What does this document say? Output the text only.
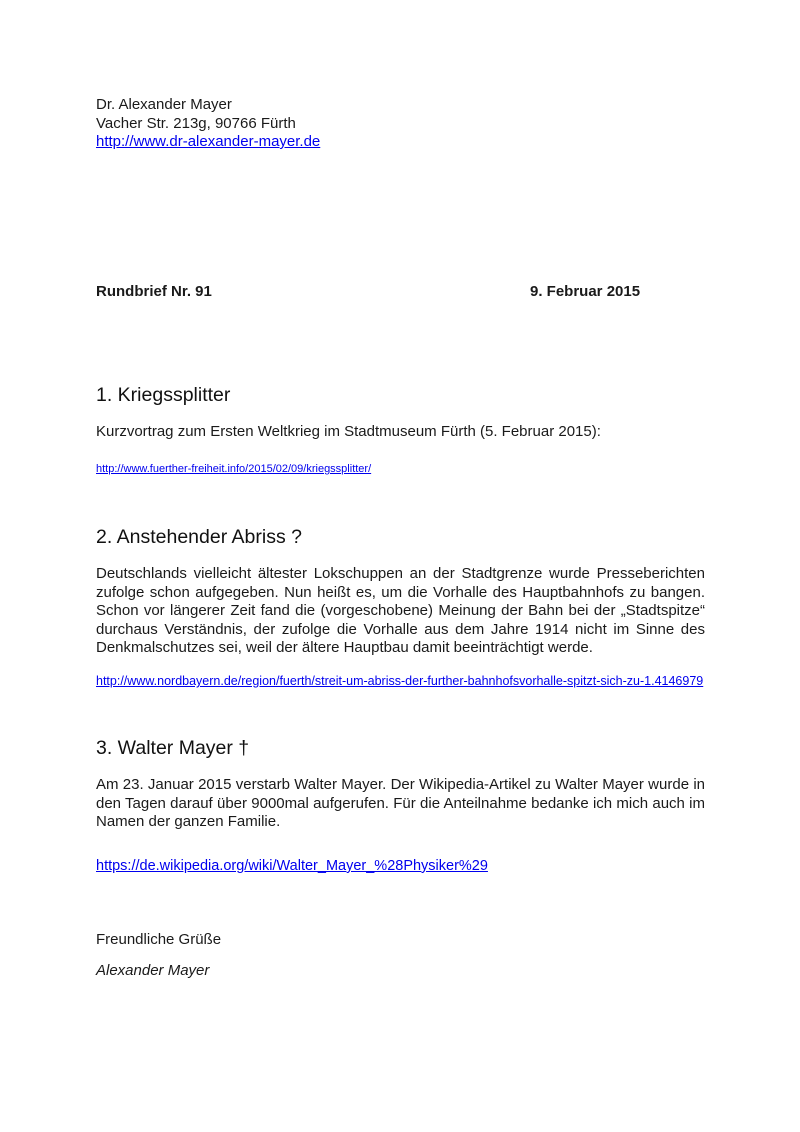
Dr. Alexander Mayer
Vacher Str. 213g, 90766 Fürth
http://www.dr-alexander-mayer.de
Rundbrief Nr. 91	9. Februar 2015
1. Kriegssplitter

Kurzvortrag zum Ersten Weltkrieg im Stadtmuseum Fürth (5. Februar 2015):

http://www.fuerther-freiheit.info/2015/02/09/kriegssplitter/
2. Anstehender Abriss ?

Deutschlands vielleicht ältester Lokschuppen an der Stadtgrenze wurde Presseberichten zufolge schon aufgegeben. Nun heißt es, um die Vorhalle des Hauptbahnhofs zu bangen. Schon vor längerer Zeit fand die (vorgeschobene) Meinung der Bahn bei der „Stadtspitze“ durchaus Verständnis, der zufolge die Vorhalle aus dem Jahre 1914 nicht im Sinne des Denkmalschutzes sei, weil der ältere Hauptbau damit beeinträchtigt werde.

http://www.nordbayern.de/region/fuerth/streit-um-abriss-der-further-bahnhofsvorhalle-spitzt-sich-zu-1.4146979
3. Walter Mayer †

Am 23. Januar 2015 verstarb Walter Mayer. Der Wikipedia-Artikel zu Walter Mayer wurde in den Tagen darauf über 9000mal aufgerufen. Für die Anteilnahme bedanke ich mich auch im Namen der ganzen Familie.

https://de.wikipedia.org/wiki/Walter_Mayer_%28Physiker%29
Freundliche Grüße
Alexander Mayer
